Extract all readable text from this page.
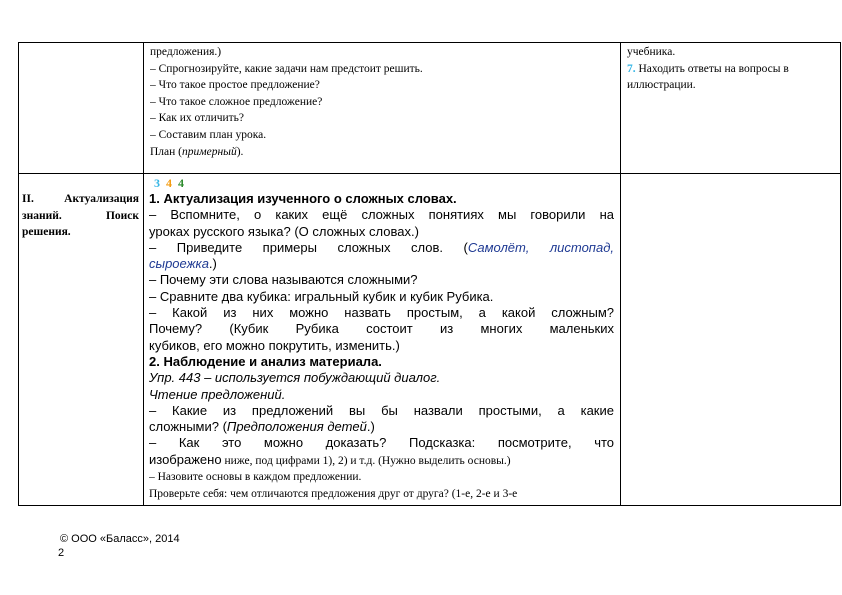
предложения.)
– Спрогнозируйте, какие задачи нам предстоит решить.
– Что такое простое предложение?
– Что такое сложное предложение?
– Как их отличить?
– Составим план урока.
План (примерный).
учебника.
7. Находить ответы на вопросы в
иллюстрации.
II. Актуализация
знаний. Поиск
решения.
3 4 4
1. Актуализация изученного о сложных словах.
– Вспомните, о каких ещё сложных понятиях мы говорили на
уроках русского языка? (О сложных словах.)
– Приведите примеры сложных слов. (Самолёт, листопад,
сыроежка.)
– Почему эти слова называются сложными?
– Сравните два кубика: игральный кубик и кубик Рубика.
– Какой из них можно назвать простым, а какой сложным?
Почему? (Кубик Рубика состоит из многих маленьких
кубиков, его можно покрутить, изменить.)
2. Наблюдение и анализ материала.
Упр. 443 – используется побуждающий диалог.
Чтение предложений.
– Какие из предложений вы бы назвали простыми, а какие
сложными? (Предположения детей.)
– Как это можно доказать? Подсказка: посмотрите, что
изображено ниже, под цифрами 1), 2) и т.д. (Нужно выделить основы.)
– Назовите основы в каждом предложении.
Проверьте себя: чем отличаются предложения друг от друга? (1-е, 2-е и 3-е
© ООО «Баласс», 2014
2
